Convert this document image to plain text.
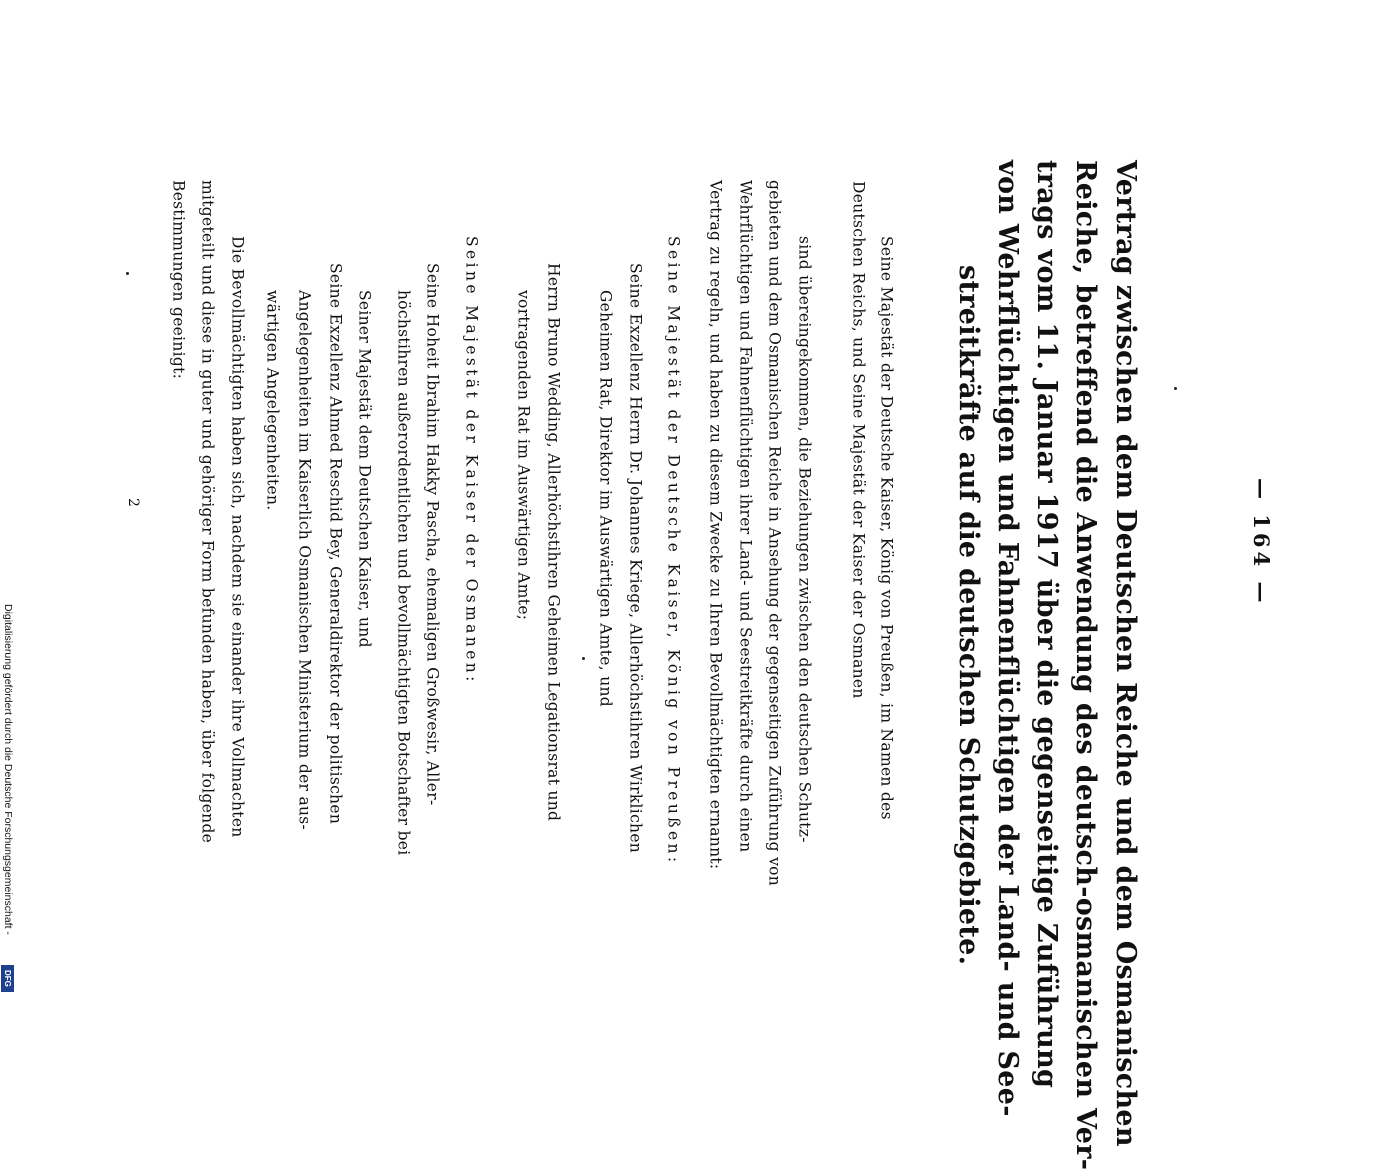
— 164 —
Vertrag zwischen dem Deutschen Reiche und dem Osmanischen
Reiche, betreffend die Anwendung des deutsch-osmanischen Ver-
trags vom 11. Januar 1917 über die gegenseitige Zuführung
von Wehrflüchtigen und Fahnenflüchtigen der Land- und See-
streitkräfte auf die deutschen Schutzgebiete.
Seine Majestät der Deutsche Kaiser, König von Preußen, im Namen des
Deutschen Reichs, und Seine Majestät der Kaiser der Osmanen
sind übereingekommen, die Beziehungen zwischen den deutschen Schutz-
gebieten und dem Osmanischen Reiche in Ansehung der gegenseitigen Zuführung von
Wehrflüchtigen und Fahnenflüchtigen ihrer Land- und Seestreitkräfte durch einen
Vertrag zu regeln, und haben zu diesem Zwecke zu Ihren Bevollmächtigten ernannt:
Seine Majestät der Deutsche Kaiser, König von Preußen:
Seine Exzellenz Herrn Dr. Johannes Kriege, Allerhöchstihren Wirklichen
Geheimen Rat, Direktor im Auswärtigen Amte, und
Herrn Bruno Wedding, Allerhöchstihren Geheimen Legationsrat und
vortragenden Rat im Auswärtigen Amte;
Seine Majestät der Kaiser der Osmanen:
Seine Hoheit Ibrahim Hakky Pascha, ehemaligen Großwesir, Aller-
höchstihren außerordentlichen und bevollmächtigten Botschafter bei
Seiner Majestät dem Deutschen Kaiser, und
Seine Exzellenz Ahmed Reschid Bey, Generaldirektor der politischen
Angelegenheiten im Kaiserlich Osmanischen Ministerium der aus-
wärtigen Angelegenheiten.
Die Bevollmächtigten haben sich, nachdem sie einander ihre Vollmachten
mitgeteilt und diese in guter und gehöriger Form befunden haben, über folgende
Bestimmungen geeinigt:
2
Digitalisierung gefördert durch die Deutsche Forschungsgemeinschaft -
DFG
